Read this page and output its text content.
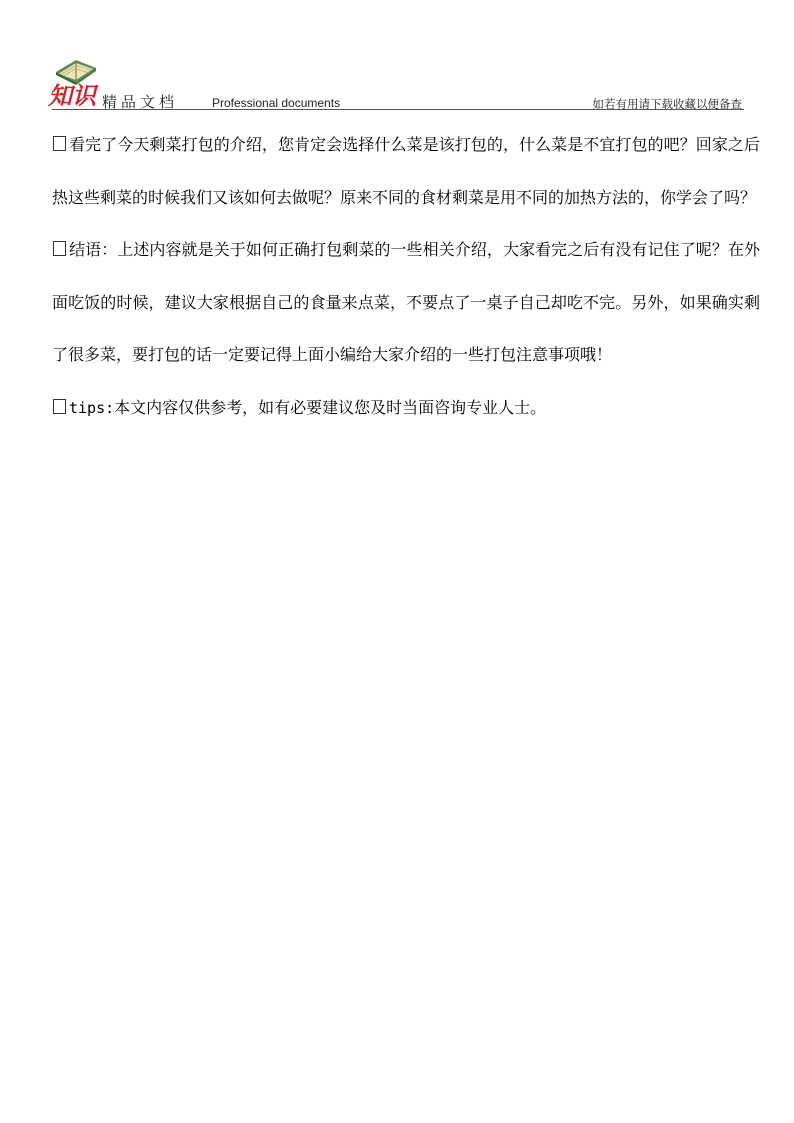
知识 精品文档	Professional documents	如若有用请下载收藏以便备查

看完了今天剩菜打包的介绍，您肯定会选择什么菜是该打包的，什么菜是不宜打包的吧？回家之后热这些剩菜的时候我们又该如何去做呢？原来不同的食材剩菜是用不同的加热方法的，你学会了吗？

结语：上述内容就是关于如何正确打包剩菜的一些相关介绍，大家看完之后有没有记住了呢？在外面吃饭的时候，建议大家根据自己的食量来点菜，不要点了一桌子自己却吃不完。另外，如果确实剩了很多菜，要打包的话一定要记得上面小编给大家介绍的一些打包注意事项哦！

tips:本文内容仅供参考，如有必要建议您及时当面咨询专业人士。
